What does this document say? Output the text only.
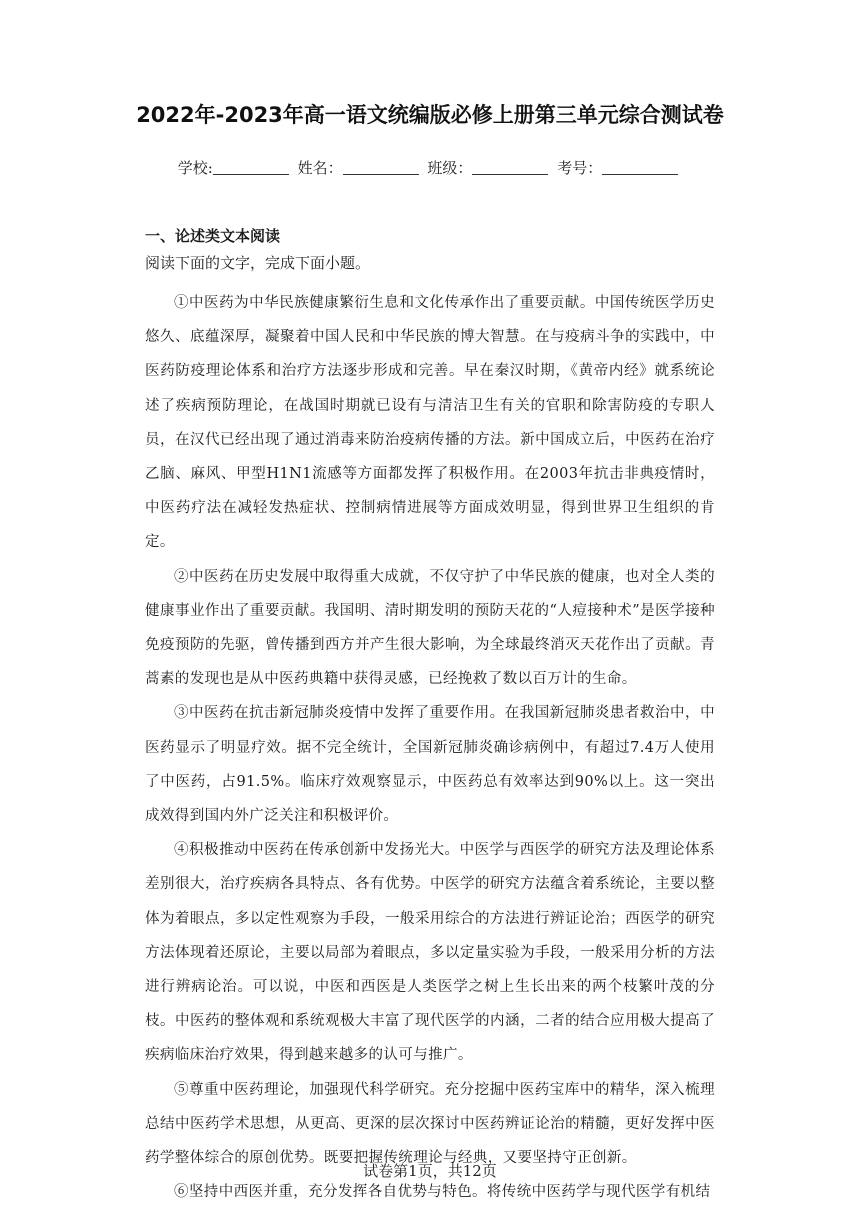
2022年-2023年高一语文统编版必修上册第三单元综合测试卷
学校:	姓名：	班级：	考号：
一、论述类文本阅读
阅读下面的文字，完成下面小题。

①中医药为中华民族健康繁衍生息和文化传承作出了重要贡献。中国传统医学历史悠久、底蕴深厚，凝聚着中国人民和中华民族的博大智慧。在与疫病斗争的实践中，中医药防疫理论体系和治疗方法逐步形成和完善。早在秦汉时期，《黄帝内经》就系统论述了疾病预防理论，在战国时期就已设有与清洁卫生有关的官职和除害防疫的专职人员，在汉代已经出现了通过消毒来防治疫病传播的方法。新中国成立后，中医药在治疗乙脑、麻风、甲型H1N1流感等方面都发挥了积极作用。在2003年抗击非典疫情时，中医药疗法在减轻发热症状、控制病情进展等方面成效明显，得到世界卫生组织的肯定。

②中医药在历史发展中取得重大成就，不仅守护了中华民族的健康，也对全人类的健康事业作出了重要贡献。我国明、清时期发明的预防天花的“人痘接种术”是医学接种免疫预防的先驱，曾传播到西方并产生很大影响，为全球最终消灭天花作出了贡献。青蒿素的发现也是从中医药典籍中获得灵感，已经挽救了数以百万计的生命。

③中医药在抗击新冠肺炎疫情中发挥了重要作用。在我国新冠肺炎患者救治中，中医药显示了明显疗效。据不完全统计，全国新冠肺炎确诊病例中，有超过7.4万人使用了中医药，占91.5%。临床疗效观察显示，中医药总有效率达到90%以上。这一突出成效得到国内外广泛关注和积极评价。

④积极推动中医药在传承创新中发扬光大。中医学与西医学的研究方法及理论体系差别很大，治疗疾病各具特点、各有优势。中医学的研究方法蕴含着系统论，主要以整体为着眼点，多以定性观察为手段，一般采用综合的方法进行辨证论治；西医学的研究方法体现着还原论，主要以局部为着眼点，多以定量实验为手段，一般采用分析的方法进行辨病论治。可以说，中医和西医是人类医学之树上生长出来的两个枝繁叶茂的分枝。中医药的整体观和系统观极大丰富了现代医学的内涵，二者的结合应用极大提高了疾病临床治疗效果，得到越来越多的认可与推广。

⑤尊重中医药理论，加强现代科学研究。充分挖掘中医药宝库中的精华，深入梳理总结中医药学术思想，从更高、更深的层次探讨中医药辨证论治的精髓，更好发挥中医药学整体综合的原创优势。既要把握传统理论与经典，又要坚持守正创新。

⑥坚持中西医并重，充分发挥各自优势与特色。将传统中医药学与现代医学有机结

试卷第1页，共12页
